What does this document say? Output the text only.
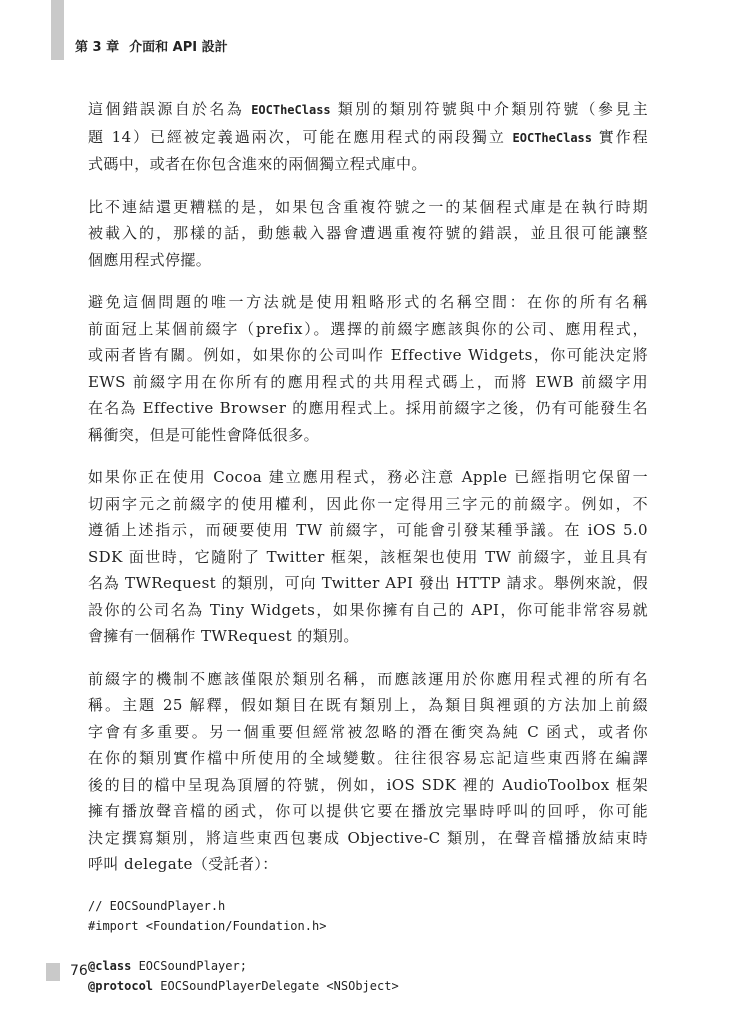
第 3 章 介面和 API 設計
這個錯誤源自於名為 EOCTheClass 類別的類別符號與中介類別符號（參見主
題 14）已經被定義過兩次，可能在應用程式的兩段獨立 EOCTheClass 實作程
式碼中，或者在你包含進來的兩個獨立程式庫中。
比不連結還更糟糕的是，如果包含重複符號之一的某個程式庫是在執行時期
被載入的，那樣的話，動態載入器會遭遇重複符號的錯誤，並且很可能讓整
個應用程式停擺。
避免這個問題的唯一方法就是使用粗略形式的名稱空間：在你的所有名稱
前面冠上某個前綴字（prefix）。選擇的前綴字應該與你的公司、應用程式，
或兩者皆有關。例如，如果你的公司叫作 Effective Widgets，你可能決定將
EWS 前綴字用在你所有的應用程式的共用程式碼上，而將 EWB 前綴字用
在名為 Effective Browser 的應用程式上。採用前綴字之後，仍有可能發生名
稱衝突，但是可能性會降低很多。
如果你正在使用 Cocoa 建立應用程式，務必注意 Apple 已經指明它保留一
切兩字元之前綴字的使用權利，因此你一定得用三字元的前綴字。例如，不
遵循上述指示，而硬要使用 TW 前綴字，可能會引發某種爭議。在 iOS 5.0
SDK 面世時，它隨附了 Twitter 框架，該框架也使用 TW 前綴字，並且具有
名為 TWRequest 的類別，可向 Twitter API 發出 HTTP 請求。舉例來說，假
設你的公司名為 Tiny Widgets，如果你擁有自己的 API，你可能非常容易就
會擁有一個稱作 TWRequest 的類別。
前綴字的機制不應該僅限於類別名稱，而應該運用於你應用程式裡的所有名
稱。主題 25 解釋，假如類目在既有類別上，為類目與裡頭的方法加上前綴
字會有多重要。另一個重要但經常被忽略的潛在衝突為純 C 函式，或者你
在你的類別實作檔中所使用的全域變數。往往很容易忘記這些東西將在編譯
後的目的檔中呈現為頂層的符號，例如，iOS SDK 裡的 AudioToolbox 框架
擁有播放聲音檔的函式，你可以提供它要在播放完畢時呼叫的回呼，你可能
決定撰寫類別，將這些東西包裹成 Objective-C 類別，在聲音檔播放結束時
呼叫 delegate（受託者）：
// EOCSoundPlayer.h
#import <Foundation/Foundation.h>
@class EOCSoundPlayer;
@protocol EOCSoundPlayerDelegate <NSObject>
76
